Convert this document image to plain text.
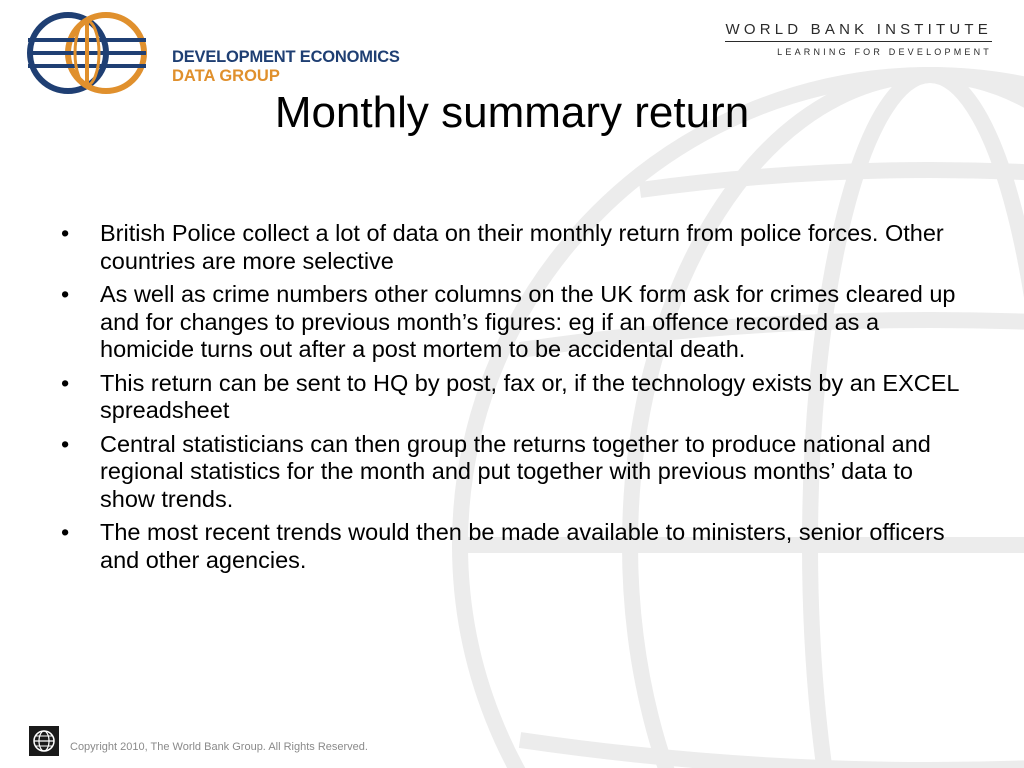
DEVELOPMENT ECONOMICS
DATA GROUP
WORLD BANK INSTITUTE
LEARNING FOR DEVELOPMENT
Monthly summary return
• British Police collect a lot of data on their monthly return from police forces. Other countries are more selective
• As well as crime numbers other columns on the UK form ask for crimes cleared up and for changes to previous month’s figures: eg if an offence recorded as a homicide turns out after a post mortem to be accidental death.
• This return can be sent to HQ by post, fax or, if the technology exists by an EXCEL spreadsheet
• Central statisticians can then group the returns together to produce national and regional statistics for the month and put together with previous months’ data to show trends.
• The most recent trends would then be made available to ministers, senior officers and other agencies.
Copyright 2010, The World Bank Group. All Rights Reserved.
